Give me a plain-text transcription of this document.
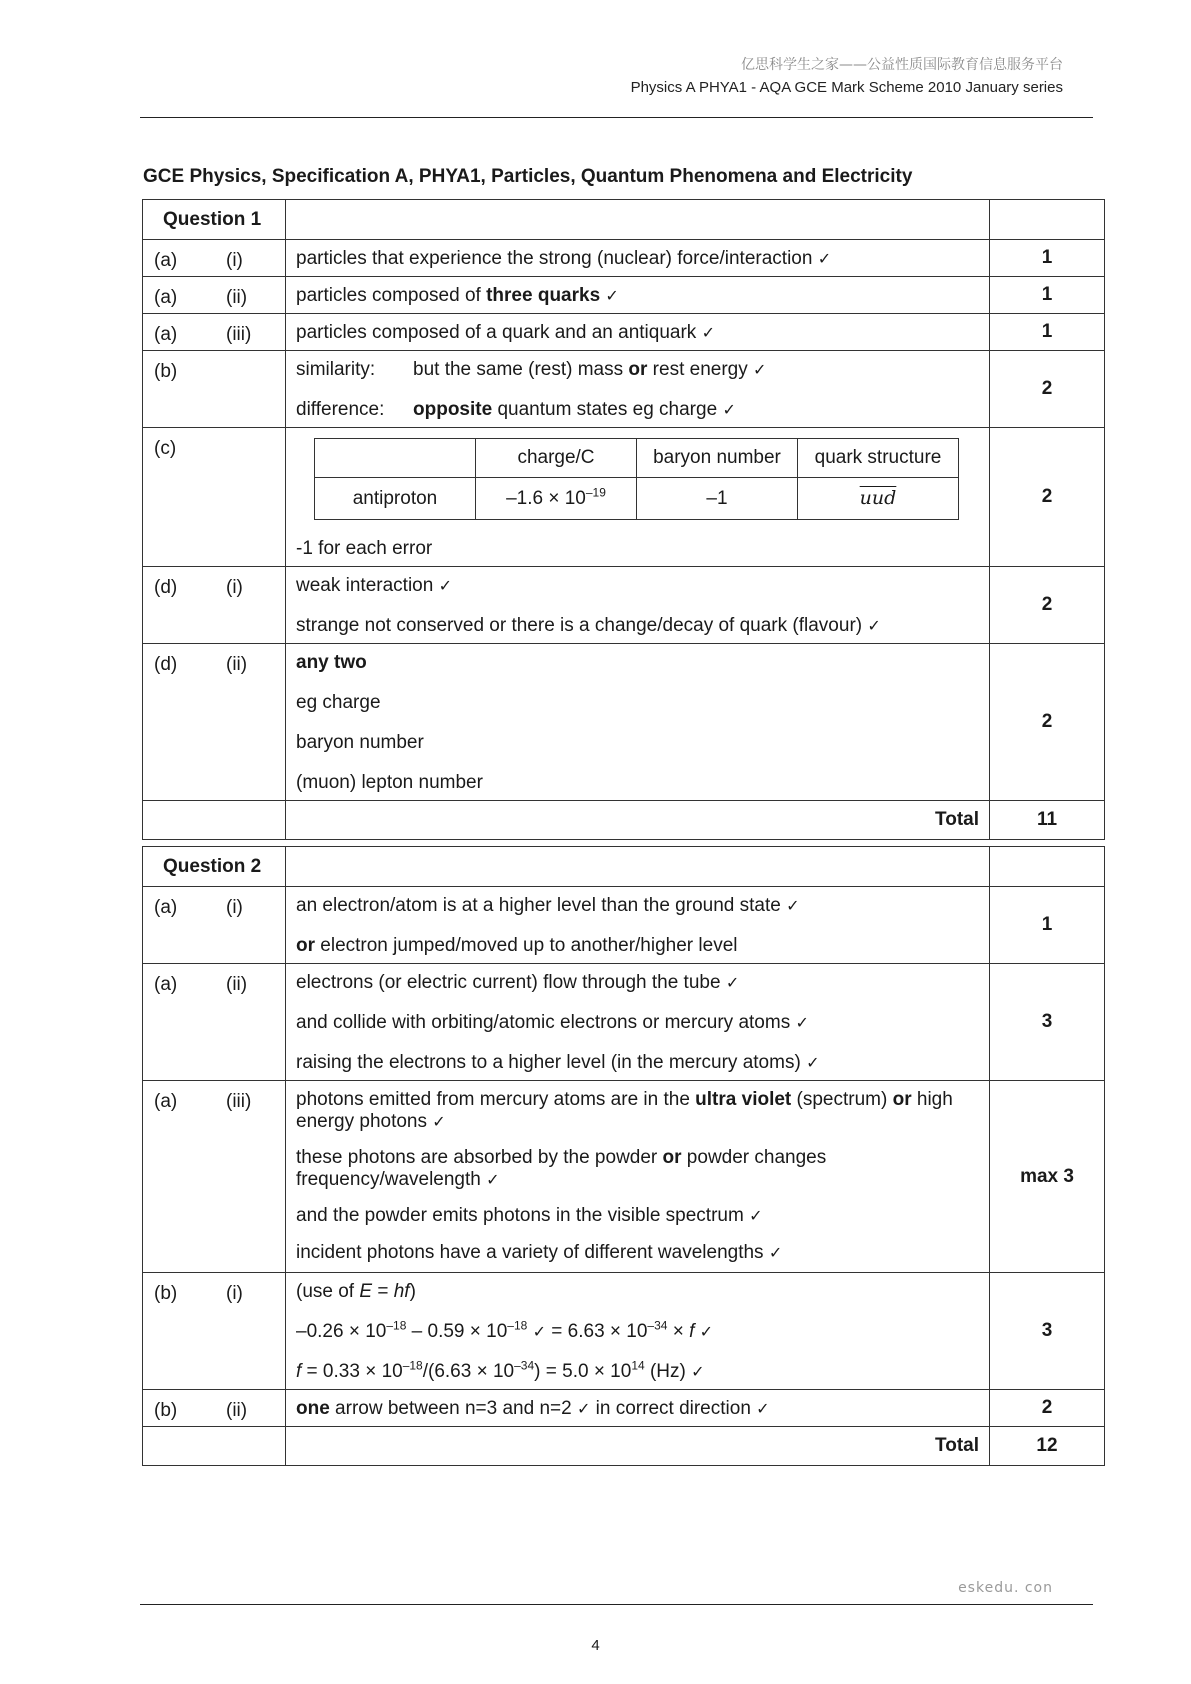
亿思科学生之家——公益性质国际教育信息服务平台
Physics A PHYA1 - AQA GCE Mark Scheme 2010 January series
GCE Physics, Specification A, PHYA1, Particles, Quantum Phenomena and Electricity
Question 1		
(a)	(i)	particles that experience the strong (nuclear) force/interaction ✓	1
(a)	(ii)	particles composed of three quarks ✓	1
(a)	(iii)	particles composed of a quark and an antiquark ✓	1
(b)	similarity: but the same (rest) mass or rest energy ✓
difference: opposite quantum states eg charge ✓
	2
(c)	
		charge/C	baryon number	quark structure
antiproton	$-1.6 \times 10^{-19}$	–1	$\overline{uud}$
-1 for each error
	2
(d)	(i)	weak interaction ✓
strange not conserved or there is a change/decay of quark (flavour) ✓
	2
(d)	(ii)	any two
eg charge
baryon number
(muon) lepton number
	2
	Total	11
Question 2		
(a) (i)	an electron/atom is at a higher level than the ground state ✓
or electron jumped/moved up to another/higher level	1
(a) (ii)	electrons (or electric current) flow through the tube ✓
and collide with orbiting/atomic electrons or mercury atoms ✓
raising the electrons to a higher level (in the mercury atoms) ✓	3
(a) (iii)	photons emitted from mercury atoms are in the ultra violet (spectrum) or high energy photons ✓
these photons are absorbed by the powder or powder changes frequency/wavelength ✓
and the powder emits photons in the visible spectrum ✓
incident photons have a variety of different wavelengths ✓	max 3
(b) (i)	(use of E = hf)
$-0.26 \times 10^{-18} - 0.59 \times 10^{-18}$ ✓ = $6.63 \times 10^{-34} \times f$ ✓
$f = 0.33 \times 10^{-18}/(6.63 \times 10^{-34}) = 5.0 \times 10^{14}$ (Hz) ✓	3
(b) (ii)	one arrow between n=3 and n=2 ✓ in correct direction ✓	2
	Total	12
eskedu. con
4
